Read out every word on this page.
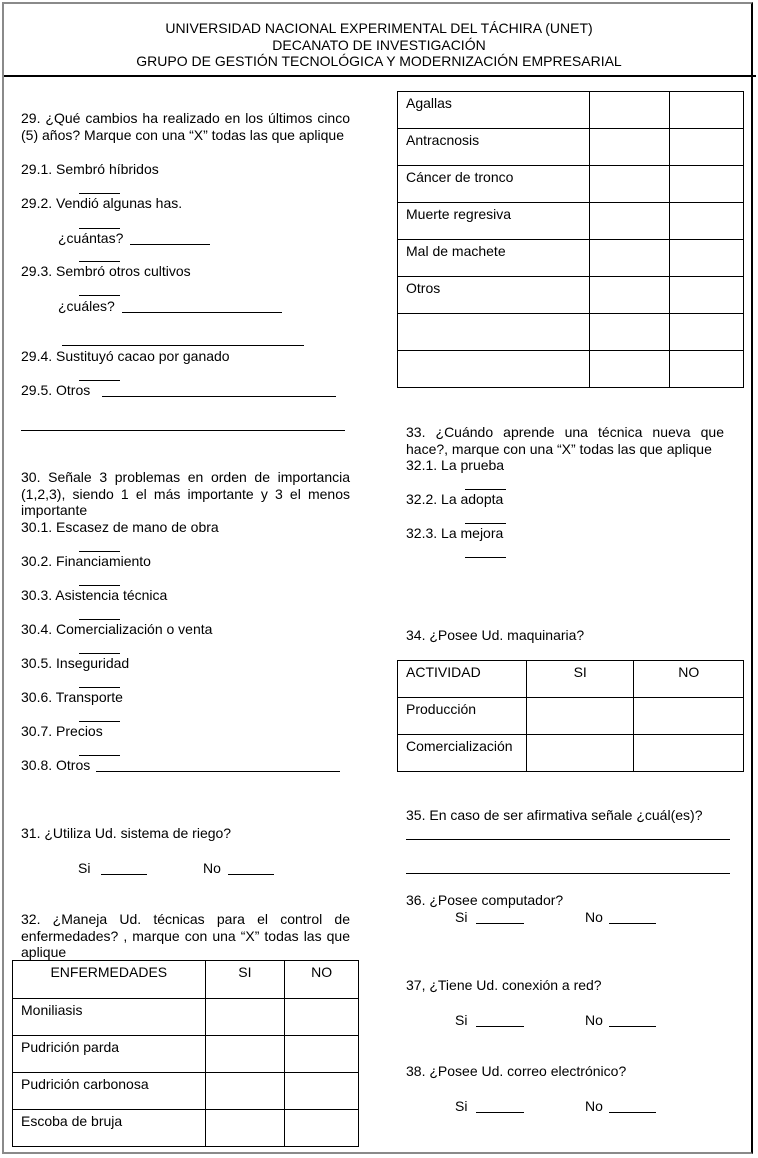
UNIVERSIDAD NACIONAL EXPERIMENTAL DEL TÁCHIRA (UNET)
DECANATO DE INVESTIGACIÓN
GRUPO DE GESTIÓN TECNOLÓGICA Y MODERNIZACIÓN EMPRESARIAL
29. ¿Qué cambios ha realizado en los últimos cinco (5) años? Marque con una “X” todas las que aplique
29.1. Sembró híbridos
29.2. Vendió algunas has.
¿cuántas?
29.3. Sembró otros cultivos
¿cuáles?
29.4. Sustituyó cacao por ganado
29.5. Otros
30. Señale 3 problemas en orden de importancia (1,2,3), siendo 1 el más importante y 3 el menos importante
30.1. Escasez de mano de obra
30.2. Financiamiento
30.3. Asistencia técnica
30.4. Comercialización o venta
30.5. Inseguridad
30.6. Transporte
30.7. Precios
30.8. Otros
31. ¿Utiliza Ud. sistema de riego?
Si	No
32. ¿Maneja Ud. técnicas para el control de enfermedades? , marque con una “X” todas las que aplique
ENFERMEDADES	SI	NO
Moniliasis		
Pudrición parda		
Pudrición carbonosa		
Escoba de bruja		
Agallas		
Antracnosis		
Cáncer de tronco		
Muerte regresiva		
Mal de machete		
Otros		

33. ¿Cuándo aprende una técnica nueva que hace?, marque con una “X” todas las que aplique
32.1. La prueba
32.2. La adopta
32.3. La mejora
34. ¿Posee Ud. maquinaria?
ACTIVIDAD	SI	NO
Producción		
Comercialización		
35. En caso de ser afirmativa señale ¿cuál(es)?
36. ¿Posee computador?
Si	No
37, ¿Tiene Ud. conexión a red?
Si	No
38. ¿Posee Ud. correo electrónico?
Si	No
